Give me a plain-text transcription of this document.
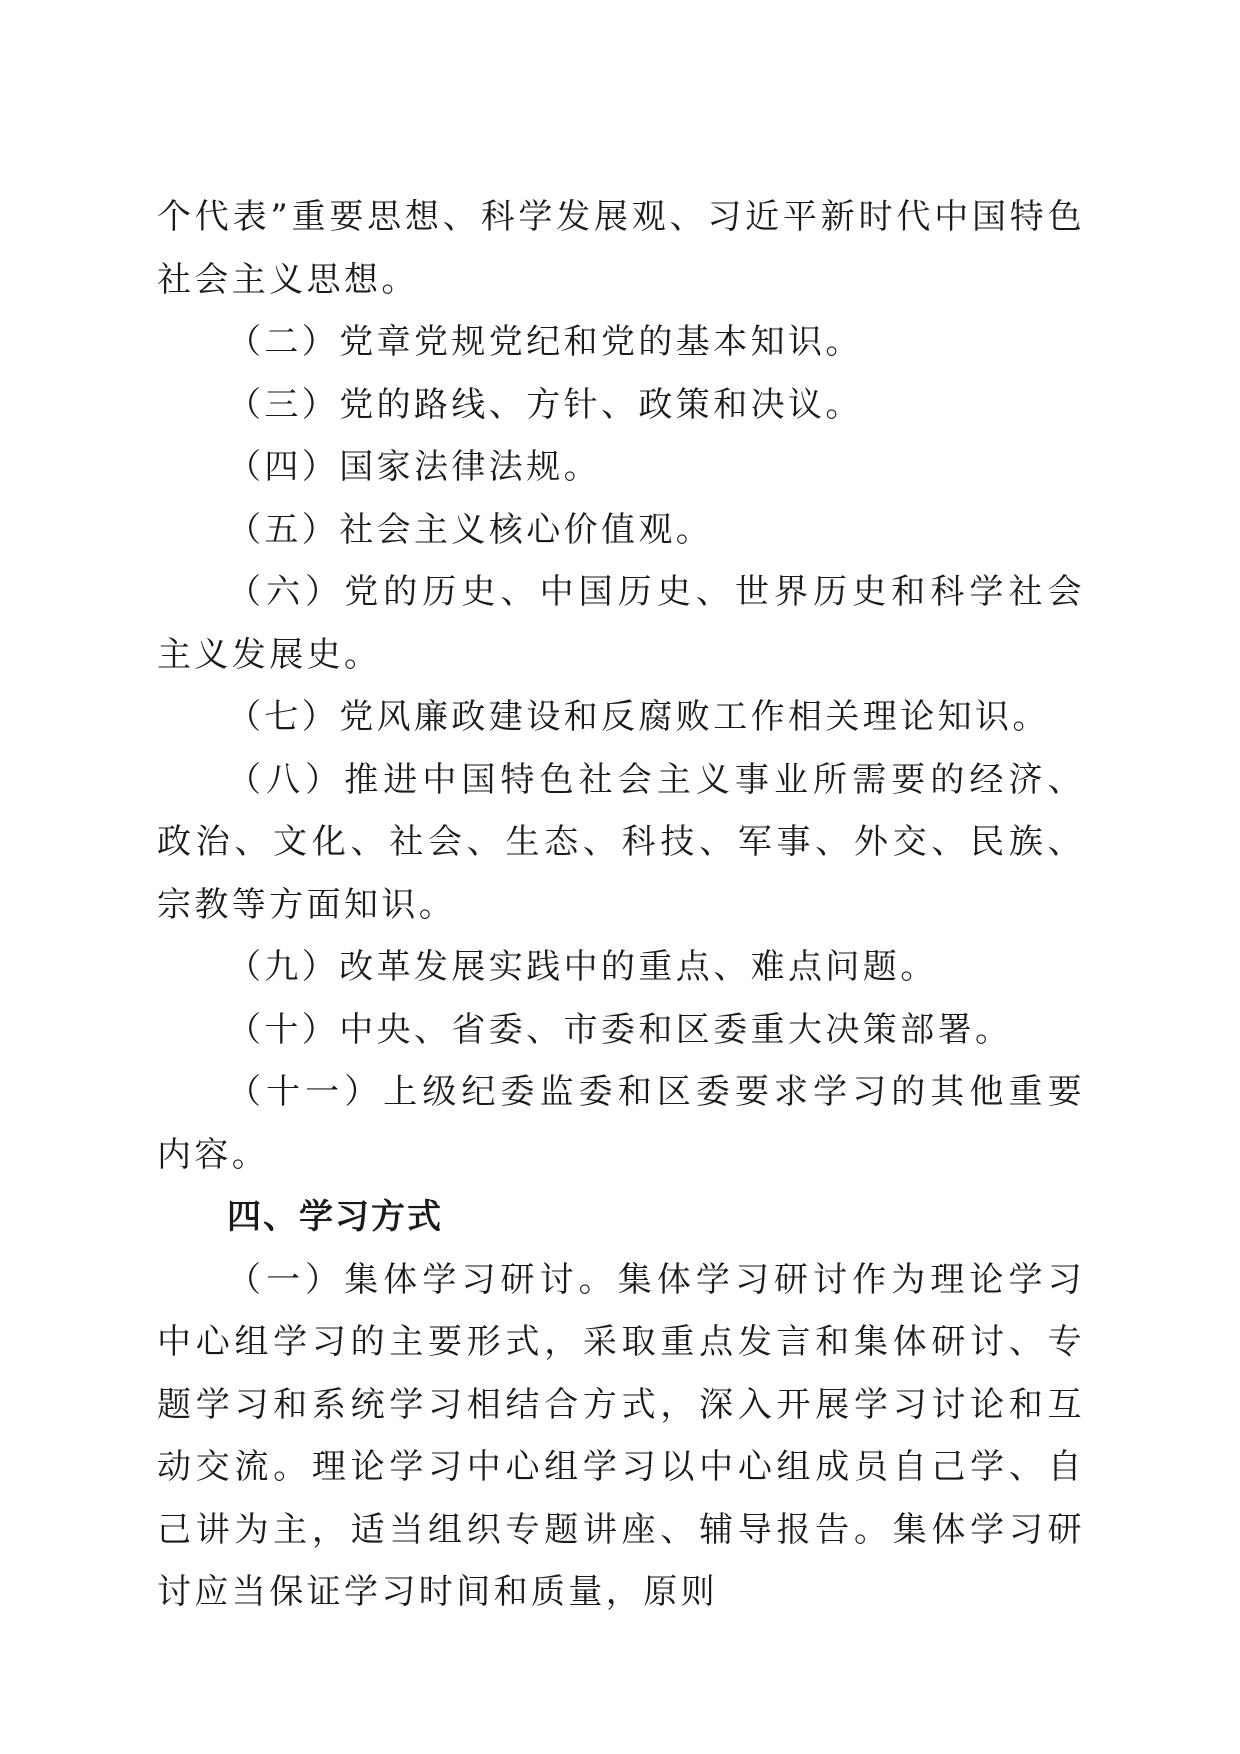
个代表”重要思想、科学发展观、习近平新时代中国特色社会主义思想。

（二）党章党规党纪和党的基本知识。

（三）党的路线、方针、政策和决议。

（四）国家法律法规。

（五）社会主义核心价值观。

（六）党的历史、中国历史、世界历史和科学社会主义发展史。

（七）党风廉政建设和反腐败工作相关理论知识。

（八）推进中国特色社会主义事业所需要的经济、政治、文化、社会、生态、科技、军事、外交、民族、宗教等方面知识。

（九）改革发展实践中的重点、难点问题。

（十）中央、省委、市委和区委重大决策部署。

（十一）上级纪委监委和区委要求学习的其他重要内容。

四、学习方式

（一）集体学习研讨。集体学习研讨作为理论学习中心组学习的主要形式，采取重点发言和集体研讨、专题学习和系统学习相结合方式，深入开展学习讨论和互动交流。理论学习中心组学习以中心组成员自己学、自己讲为主，适当组织专题讲座、辅导报告。集体学习研讨应当保证学习时间和质量，原则
